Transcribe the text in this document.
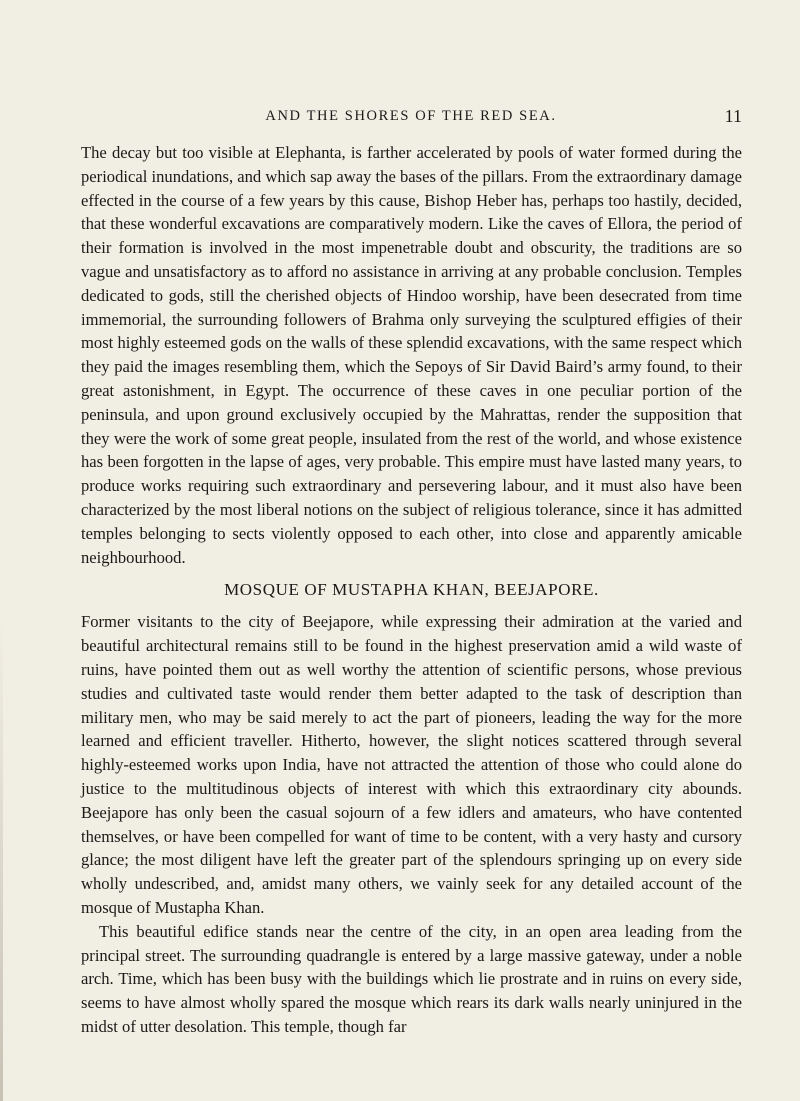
AND THE SHORES OF THE RED SEA.	11

The decay but too visible at Elephanta, is farther accelerated by pools of water formed during the periodical inundations, and which sap away the bases of the pillars. From the extraordinary damage effected in the course of a few years by this cause, Bishop Heber has, perhaps too hastily, decided, that these wonderful excavations are comparatively modern. Like the caves of Ellora, the period of their formation is involved in the most impenetrable doubt and obscurity, the traditions are so vague and unsatisfactory as to afford no assistance in arriving at any probable conclusion. Temples dedicated to gods, still the cherished objects of Hindoo worship, have been desecrated from time immemorial, the surrounding followers of Brahma only surveying the sculptured effigies of their most highly esteemed gods on the walls of these splendid excavations, with the same respect which they paid the images resembling them, which the Sepoys of Sir David Baird’s army found, to their great astonishment, in Egypt. The occurrence of these caves in one peculiar portion of the peninsula, and upon ground exclusively occupied by the Mahrattas, render the supposition that they were the work of some great people, insulated from the rest of the world, and whose existence has been forgotten in the lapse of ages, very probable. This empire must have lasted many years, to produce works requiring such extraordinary and persevering labour, and it must also have been characterized by the most liberal notions on the subject of religious tolerance, since it has admitted temples belonging to sects violently opposed to each other, into close and apparently amicable neighbourhood.

MOSQUE OF MUSTAPHA KHAN, BEEJAPORE.

Former visitants to the city of Beejapore, while expressing their admiration at the varied and beautiful architectural remains still to be found in the highest preservation amid a wild waste of ruins, have pointed them out as well worthy the attention of scientific persons, whose previous studies and cultivated taste would render them better adapted to the task of description than military men, who may be said merely to act the part of pioneers, leading the way for the more learned and efficient traveller. Hitherto, however, the slight notices scattered through several highly-esteemed works upon India, have not attracted the attention of those who could alone do justice to the multitudinous objects of interest with which this extraordinary city abounds. Beejapore has only been the casual sojourn of a few idlers and amateurs, who have contented themselves, or have been compelled for want of time to be content, with a very hasty and cursory glance; the most diligent have left the greater part of the splendours springing up on every side wholly undescribed, and, amidst many others, we vainly seek for any detailed account of the mosque of Mustapha Khan.

This beautiful edifice stands near the centre of the city, in an open area leading from the principal street. The surrounding quadrangle is entered by a large massive gateway, under a noble arch. Time, which has been busy with the buildings which lie prostrate and in ruins on every side, seems to have almost wholly spared the mosque which rears its dark walls nearly uninjured in the midst of utter desolation. This temple, though far
